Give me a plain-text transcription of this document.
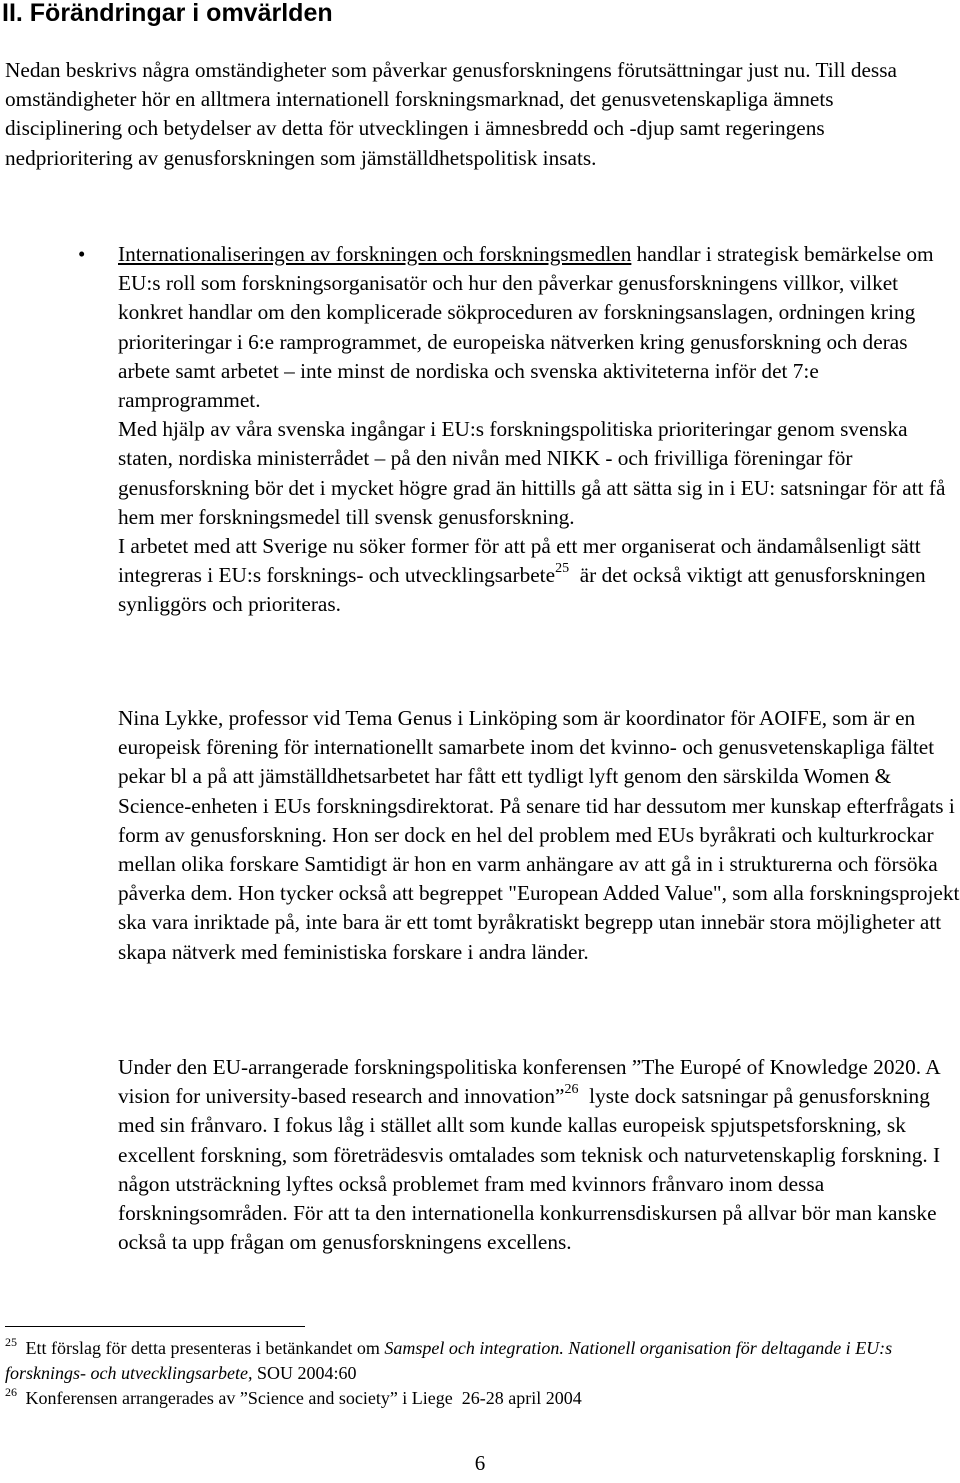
II. Förändringar i omvärlden

Nedan beskrivs några omständigheter som påverkar genusforskningens förutsättningar just nu. Till dessa omständigheter hör en alltmera internationell forskningsmarknad, det genusvetenskapliga ämnets disciplinering och betydelser av detta för utvecklingen i ämnesbredd och -djup samt regeringens nedprioritering av genusforskningen som jämställdhetspolitisk insats.

• Internationaliseringen av forskningen och forskningsmedlen handlar i strategisk bemärkelse om EU:s roll som forskningsorganisatör och hur den påverkar genusforskningens villkor, vilket konkret handlar om den komplicerade sökproceduren av forskningsanslagen, ordningen kring prioriteringar i 6:e ramprogrammet, de europeiska nätverken kring genusforskning och deras arbete samt arbetet – inte minst de nordiska och svenska aktiviteterna inför det 7:e ramprogrammet.

Med hjälp av våra svenska ingångar i EU:s forskningspolitiska prioriteringar genom svenska staten, nordiska ministerrådet – på den nivån med NIKK - och frivilliga föreningar för genusforskning bör det i mycket högre grad än hittills gå att sätta sig in i EU: satsningar för att få hem mer forskningsmedel till svensk genusforskning.

I arbetet med att Sverige nu söker former för att på ett mer organiserat och ändamålsenligt sätt integreras i EU:s forsknings- och utvecklingsarbete$^{25}$  är det också viktigt att genusforskningen synliggörs och prioriteras.

Nina Lykke, professor vid Tema Genus i Linköping som är koordinator för AOIFE, som är en europeisk förening för internationellt samarbete inom det kvinno- och genusvetenskapliga fältet pekar bl a på att jämställdhetsarbetet har fått ett tydligt lyft genom den särskilda Women & Science-enheten i EUs forskningsdirektorat. På senare tid har dessutom mer kunskap efterfrågats i form av genusforskning. Hon ser dock en hel del problem med EUs byråkrati och kulturkrockar mellan olika forskare Samtidigt är hon en varm anhängare av att gå in i strukturerna och försöka påverka dem. Hon tycker också att begreppet "European Added Value", som alla forskningsprojekt ska vara inriktade på, inte bara är ett tomt byråkratiskt begrepp utan innebär stora möjligheter att skapa nätverk med feministiska forskare i andra länder.

Under den EU-arrangerade forskningspolitiska konferensen ”The Europé of Knowledge 2020. A vision for university-based research and innovation”$^{26}$  lyste dock satsningar på genusforskning med sin frånvaro. I fokus låg i stället allt som kunde kallas europeisk spjutspetsforskning, sk excellent forskning, som företrädesvis omtalades som teknisk och naturvetenskaplig forskning. I någon utsträckning lyftes också problemet fram med kvinnors frånvaro inom dessa forskningsområden. För att ta den internationella konkurrensdiskursen på allvar bör man kanske också ta upp frågan om genusforskningens excellens.

$^{25}$ Ett förslag för detta presenteras i betänkandet om Samspel och integration. Nationell organisation för deltagande i EU:s forsknings- och utvecklingsarbete, SOU 2004:60

$^{26}$ Konferensen arrangerades av ”Science and society” i Liege  26-28 april 2004

6
